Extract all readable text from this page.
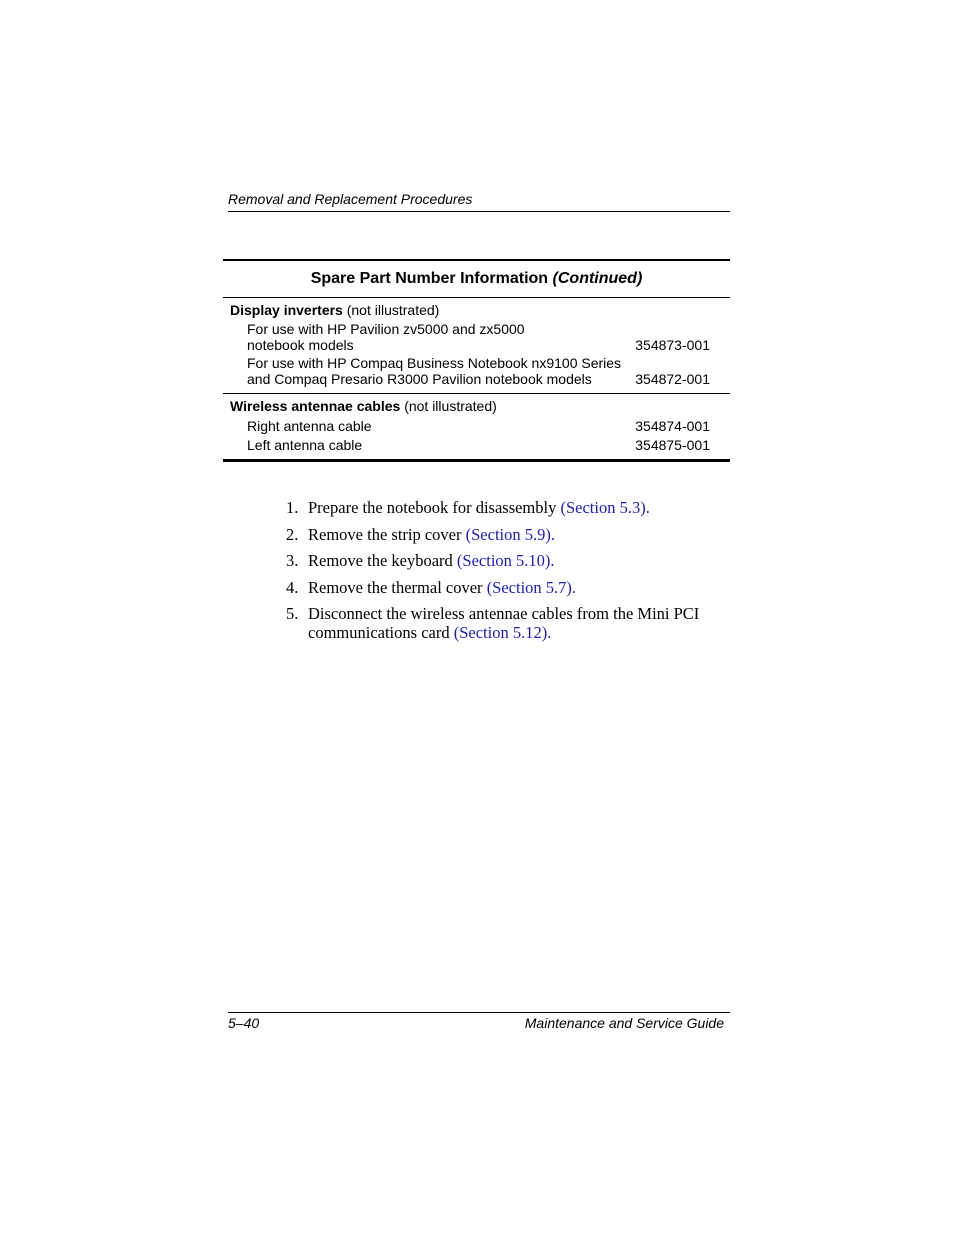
Removal and Replacement Procedures
Spare Part Number Information (Continued)
Display inverters (not illustrated)
For use with HP Pavilion zv5000 and zx5000
notebook models	354873-001
For use with HP Compaq Business Notebook nx9100 Series
and Compaq Presario R3000 Pavilion notebook models	354872-001
Wireless antennae cables (not illustrated)
Right antenna cable	354874-001
Left antenna cable	354875-001
1. Prepare the notebook for disassembly (Section 5.3).
2. Remove the strip cover (Section 5.9).
3. Remove the keyboard (Section 5.10).
4. Remove the thermal cover (Section 5.7).
5. Disconnect the wireless antennae cables from the Mini PCI communications card (Section 5.12).
5–40	Maintenance and Service Guide
